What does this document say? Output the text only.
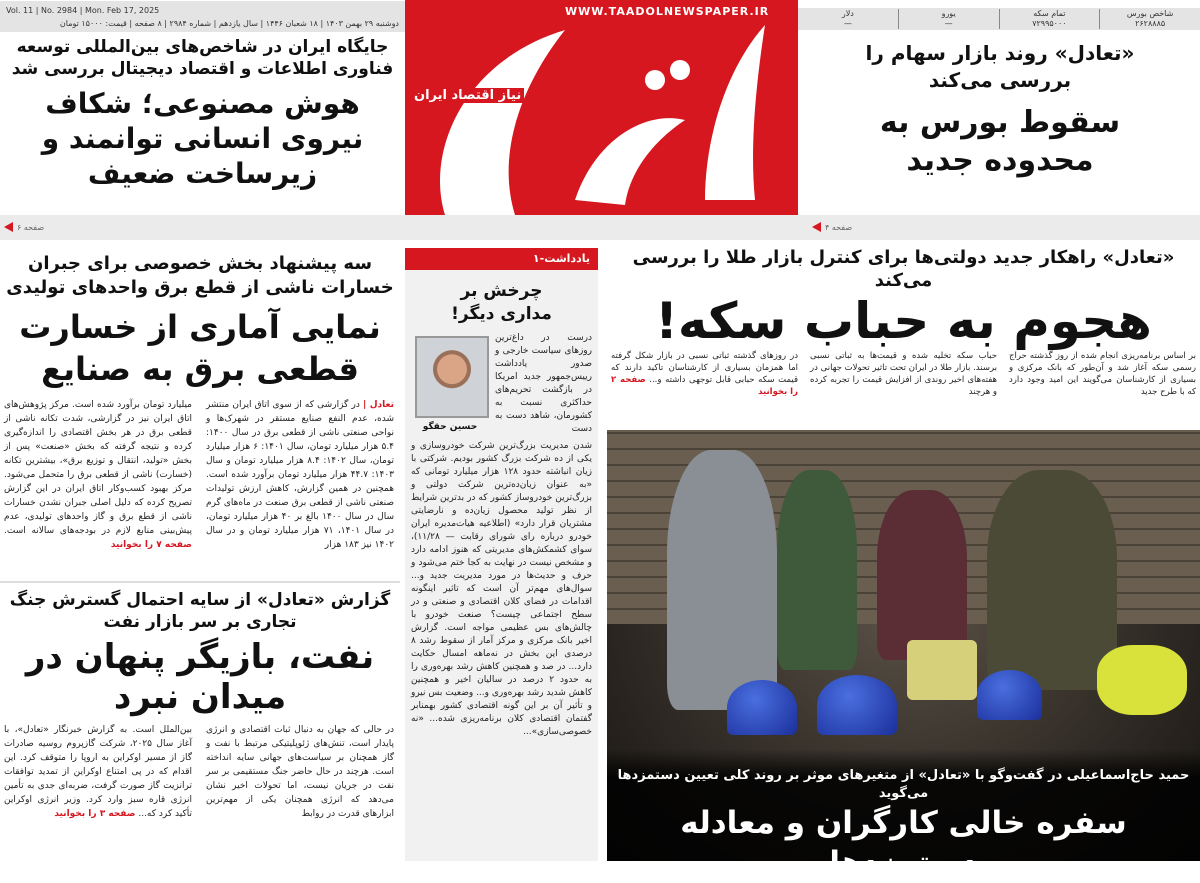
Vol. 11 | No. 2984 | Mon. Feb 17, 2025
دوشنبه ۲۹ بهمن ۱۴۰۳ | ۱۸ شعبان ۱۴۴۶ | سال یازدهم | شماره ۲۹۸۴ | ۸ صفحه | قیمت: ۱۵۰۰۰ تومان
WWW.TAADOLNEWSPAPER.IR
نیاز اقتصاد ایران
شاخص بورس
۲۶۲۸۸۸۵
تمام سکه
۷۲۹۹۵۰۰۰
یورو
—
دلار
—
جایگاه ایران در شاخص‌های بین‌المللی توسعه فناوری اطلاعات و اقتصاد دیجیتال بررسی شد
هوش مصنوعی؛ شکاف نیروی انسانی توانمند و زیرساخت ضعیف
صفحه ۶
«تعادل» روند بازار سهام را بررسی می‌کند
سقوط بورس به محدوده جدید
صفحه ۴
سه پیشنهاد بخش خصوصی برای جبران خسارات ناشی از قطع برق واحدهای تولیدی
نمایی آماری از خسارت قطعی برق به صنایع
تعادل | در گزارشی که از سوی اتاق ایران منتشر شده، عدم النفع صنایع مستقر در شهرک‌ها و نواحی صنعتی ناشی از قطعی برق در سال ۱۴۰۰: ۵.۴ هزار میلیارد تومان، سال ۱۴۰۱: ۶ هزار میلیارد تومان، سال ۱۴۰۲: ۸.۴ هزار میلیارد تومان و سال ۱۴۰۳: ۴۴.۷ هزار میلیارد تومان برآورد شده است. همچنین در همین گزارش، کاهش ارزش تولیدات صنعتی ناشی از قطعی برق صنعت در ماه‌های گرم سال در سال ۱۴۰۰ بالغ بر ۴۰ هزار میلیارد تومان، در سال ۱۴۰۱، ۷۱ هزار میلیارد تومان و در سال ۱۴۰۲ نیز ۱۸۳ هزار
میلیارد تومان برآورد شده است. مرکز پژوهش‌های اتاق ایران نیز در گزارشی، شدت تکانه ناشی از قطعی برق در هر بخش اقتصادی را اندازه‌گیری کرده و نتیجه گرفته که بخش «صنعت» پس از بخش «تولید، انتقال و توزیع برق»، بیشترین تکانه (خسارت) ناشی از قطعی برق را متحمل می‌شود. مرکز بهبود کسب‌وکار اتاق ایران در این گزارش تصریح کرده که دلیل اصلی جبران نشدن خسارات ناشی از قطع برق و گاز واحدهای تولیدی، عدم پیش‌بینی منابع لازم در بودجه‌های سالانه است. صفحه ۷ را بخوانید
گزارش «تعادل» از سایه احتمال گسترش جنگ تجاری بر سر بازار نفت
نفت، بازیگر پنهان در میدان نبرد
در حالی که جهان به دنبال ثبات اقتصادی و انرژی پایدار است، تنش‌های ژئوپلیتیکی مرتبط با نفت و گاز همچنان بر سیاست‌های جهانی سایه انداخته است. هرچند در حال حاضر جنگ مستقیمی بر سر نفت در جریان نیست، اما تحولات اخیر نشان می‌دهد که انرژی همچنان یکی از مهم‌ترین ابزارهای قدرت در روابط
بین‌الملل است. به گزارش خبرنگار «تعادل»، با آغاز سال ۲۰۲۵، شرکت گازپروم روسیه صادرات گاز از مسیر اوکراین به اروپا را متوقف کرد. این اقدام که در پی امتناع اوکراین از تمدید توافقات ترانزیت گاز صورت گرفت، ضربه‌ای جدی به تأمین انرژی قاره سبز وارد کرد. وزیر انرژی اوکراین تأکید کرد که... صفحه ۳ را بخوانید
یادداشت-۱
چرخش بر مداری دیگر!
درست در داغ‌ترین روزهای سیاست خارجی و صدور یادداشت رییس‌جمهور جدید امریکا در بازگشت تحریم‌های حداکثری نسبت به کشورمان، شاهد دست به دست
حسین حقگو
شدن مدیریت بزرگ‌ترین شرکت خودروسازی و یکی از ده شرکت بزرگ کشور بودیم. شرکتی با زیان انباشته حدود ۱۲۸ هزار میلیارد تومانی که «به عنوان زیان‌ده‌ترین شرکت دولتی و بزرگ‌ترین خودروساز کشور که در بدترین شرایط از نظر تولید محصول زیان‌ده و نارضایتی مشتریان قرار دارد» (اطلاعیه هیات‌مدیره ایران خودرو درباره رای شورای رقابت — ۱۱/۲۸)، سوای کشمکش‌های مدیریتی که هنوز ادامه دارد و مشخص نیست در نهایت به کجا ختم می‌شود و حرف و حدیث‌ها در مورد مدیریت جدید و... سوال‌های مهم‌تر آن است که تاثیر اینگونه اقدامات در فضای کلان اقتصادی و صنعتی و در سطح اجتماعی چیست؟ صنعت خودرو با چالش‌های بس عظیمی مواجه است. گزارش اخیر بانک مرکزی و مرکز آمار از سقوط رشد ۸ درصدی این بخش در نه‌ماهه امسال حکایت دارد... در صد و همچنین کاهش رشد بهره‌وری را به حدود ۲ درصد در سالیان اخیر و همچنین کاهش شدید رشد بهره‌وری و... وضعیت بس نیرو و تأثیر آن بر این گونه اقتصادی کشور بهمنابر گفتمان اقتصادی کلان برنامه‌ریزی شده... «نه خصوصی‌سازی»...
«تعادل» راهکار جدید دولتی‌ها برای کنترل بازار طلا را بررسی می‌کند
هجوم به حباب سکه!
بر اساس برنامه‌ریزی انجام شده از روز گذشته حراج رسمی سکه آغاز شد و آن‌طور که بانک مرکزی و بسیاری از کارشناسان می‌گویند این امید وجود دارد که با طرح جدید
حباب سکه تخلیه شده و قیمت‌ها به ثباتی نسبی برسند. بازار طلا در ایران تحت تاثیر تحولات جهانی در هفته‌های اخیر روندی از افزایش قیمت را تجربه کرده و هرچند
در روزهای گذشته ثباتی نسبی در بازار شکل گرفته اما همزمان بسیاری از کارشناسان تاکید دارند که قیمت سکه حبابی قابل توجهی داشته و... صفحه ۲ را بخوانید
حمید حاج‌اسماعیلی در گفت‌وگو با «تعادل» از متغیرهای موثر بر روند کلی تعیین دستمزدها می‌گوید
سفره خالی کارگران و معادله دستمزدها
